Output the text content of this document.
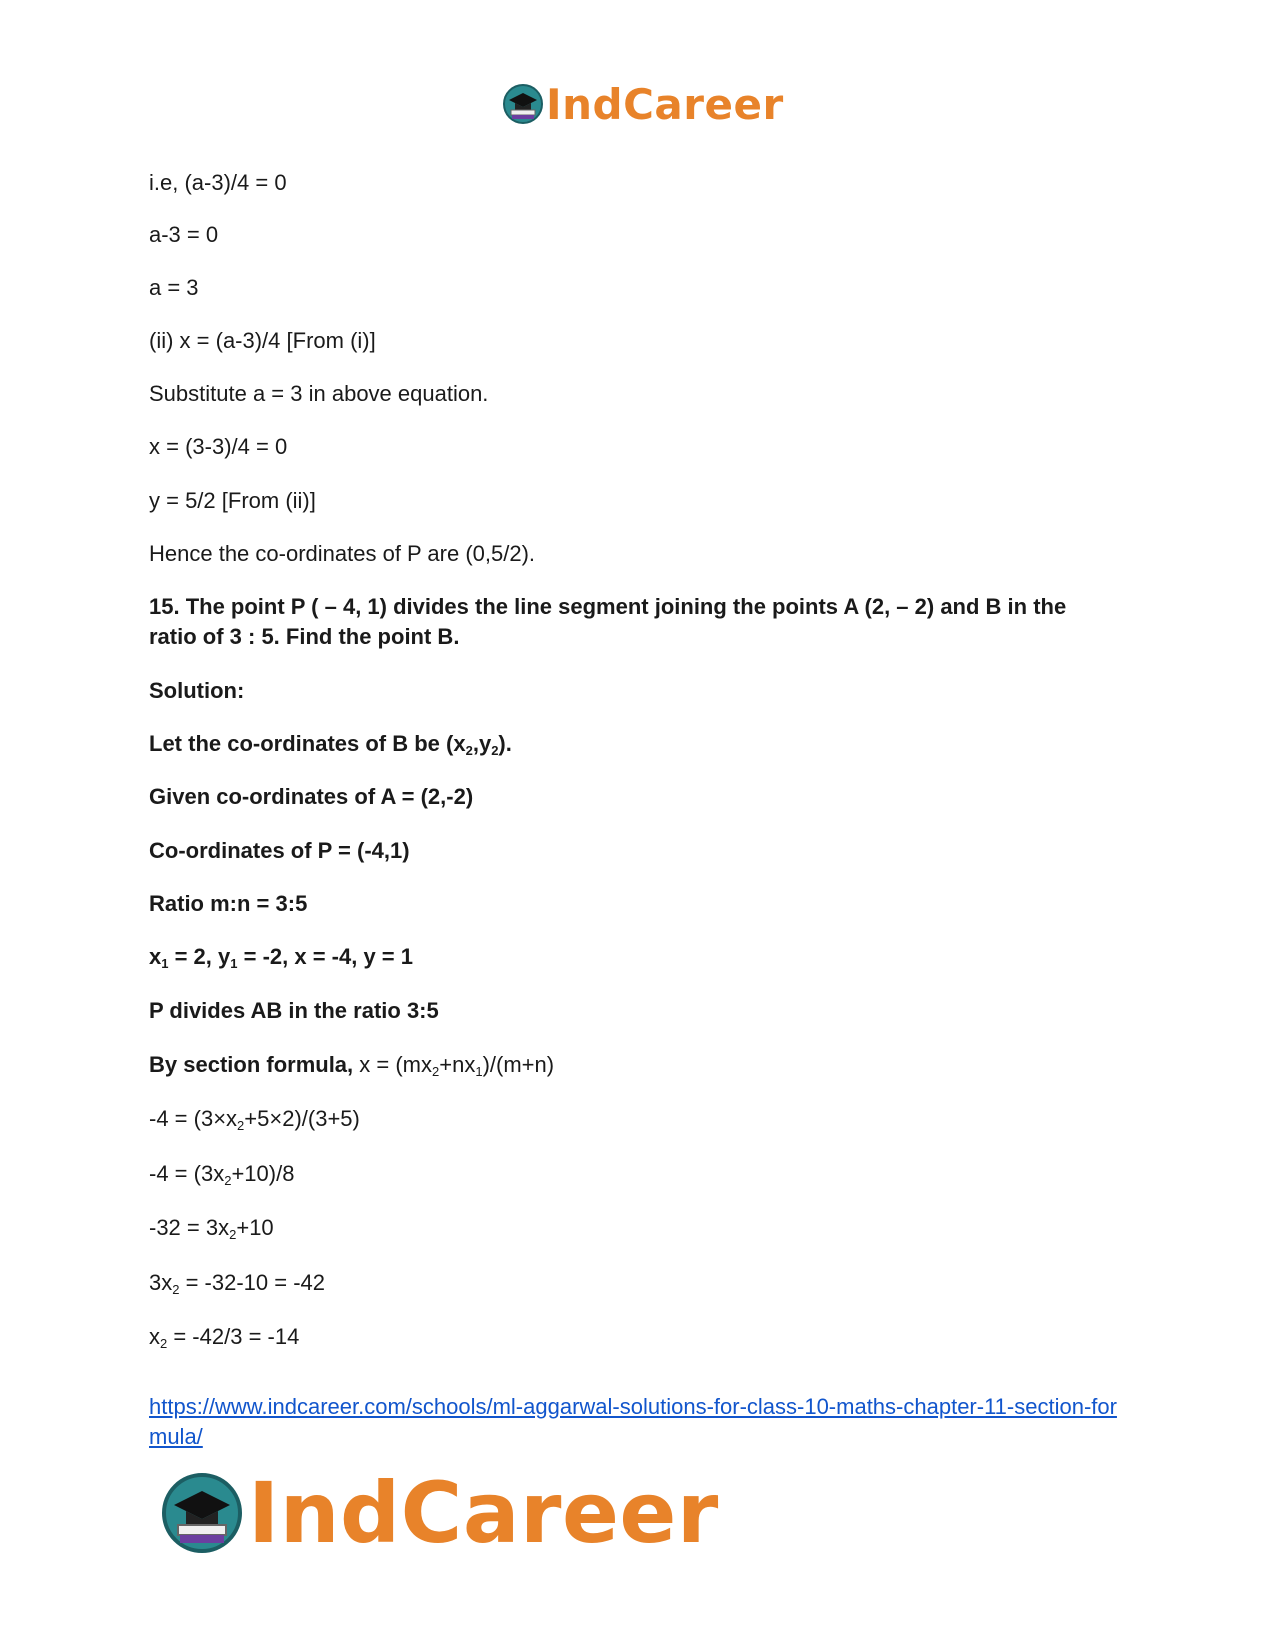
IndCareer
i.e, (a-3)/4 = 0
a-3 = 0
a = 3
(ii) x = (a-3)/4 [From (i)]
Substitute a = 3 in above equation.
x = (3-3)/4 = 0
y = 5/2 [From (ii)]
Hence the co-ordinates of P are (0,5/2).
15. The point P ( – 4, 1) divides the line segment joining the points A (2, – 2) and B in the ratio of 3 : 5. Find the point B.
Solution:
Let the co-ordinates of B be $(x_2,y_2)$.
Given co-ordinates of A = (2,-2)
Co-ordinates of P = (-4,1)
Ratio m:n = 3:5
$x_1 = 2$, $y_1 = -2$, x = -4, y = 1
P divides AB in the ratio 3:5
By section formula, $x = (mx_2+nx_1)/(m+n)$
$-4 = (3\times x_2+5\times 2)/(3+5)$
$-4 = (3x_2+10)/8$
$-32 = 3x_2+10$
$3x_2 = -32-10 = -42$
$x_2 = -42/3 = -14$
https://www.indcareer.com/schools/ml-aggarwal-solutions-for-class-10-maths-chapter-11-section-formula/
IndCareer
